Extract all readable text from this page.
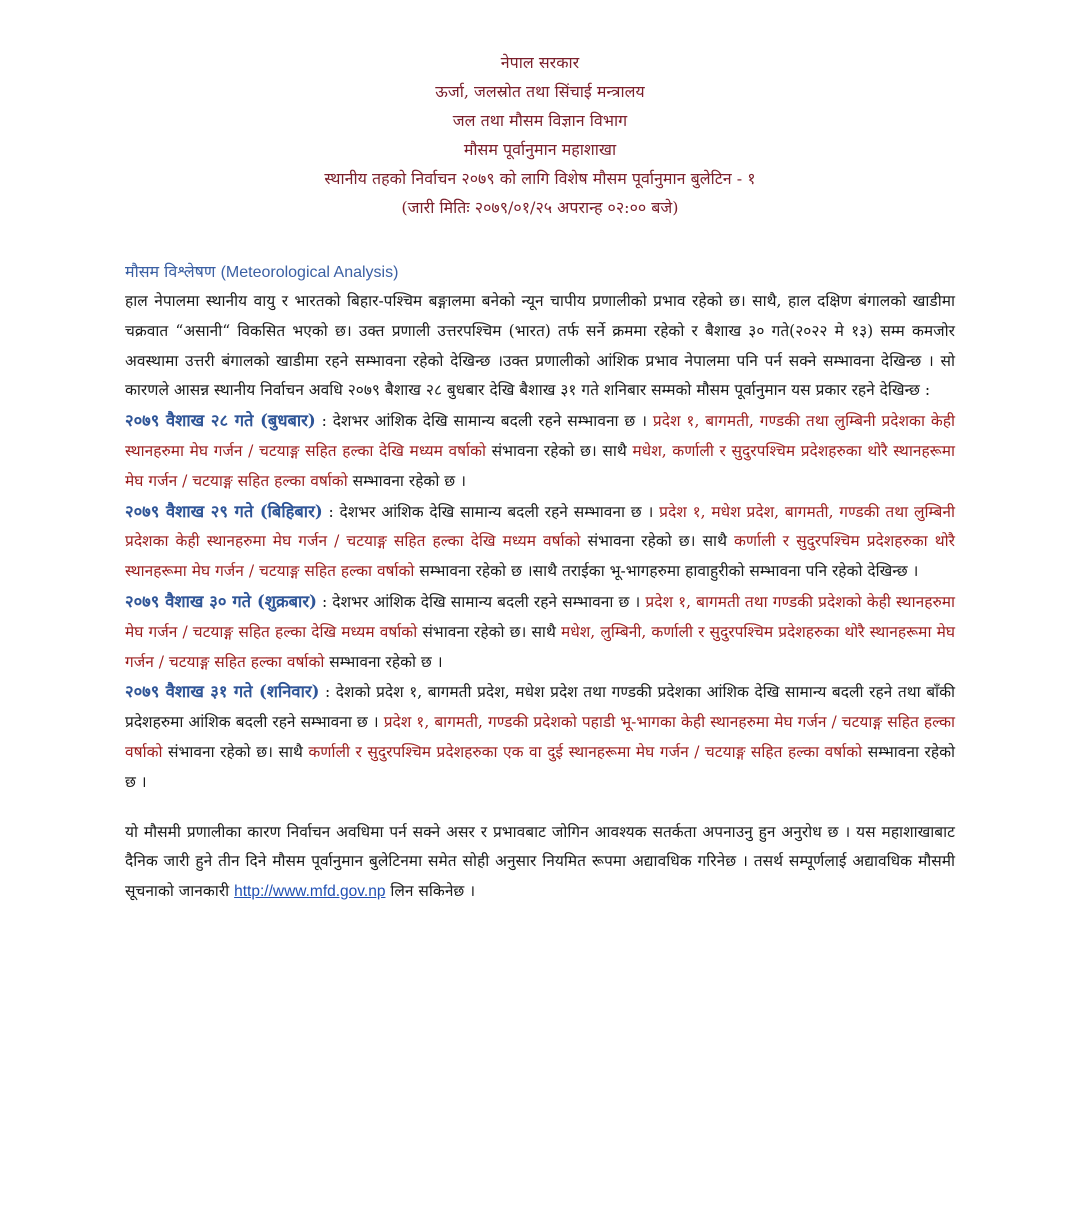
नेपाल सरकार
ऊर्जा, जलस्रोत तथा सिंचाई मन्त्रालय
जल तथा मौसम विज्ञान विभाग
मौसम पूर्वानुमान महाशाखा
स्थानीय तहको निर्वाचन २०७९ को लागि विशेष मौसम पूर्वानुमान बुलेटिन - १
(जारी मितिः २०७९/०१/२५ अपरान्ह ०२:०० बजे)
मौसम विश्लेषण (Meteorological Analysis)

हाल नेपालमा स्थानीय वायु र भारतको बिहार-पश्चिम बङ्गालमा बनेको न्यून चापीय प्रणालीको प्रभाव रहेको छ। साथै, हाल दक्षिण बंगालको खाडीमा चक्रवात “असानी“ विकसित भएको छ। उक्त प्रणाली उत्तरपश्चिम (भारत) तर्फ सर्ने क्रममा रहेको र बैशाख ३० गते(२०२२ मे १३) सम्म कमजोर अवस्थामा उत्तरी बंगालको खाडीमा रहने सम्भावना रहेको देखिन्छ ।उक्त प्रणालीको आंशिक प्रभाव नेपालमा पनि पर्न सक्ने सम्भावना देखिन्छ । सो कारणले आसन्न स्थानीय निर्वाचन अवधि २०७९ बैशाख २८ बुधबार देखि बैशाख ३१ गते शनिबार सम्मको मौसम पूर्वानुमान यस प्रकार रहने देखिन्छ :

२०७९ वैशाख २८ गते (बुधबार) : देशभर आंशिक देखि सामान्य बदली रहने सम्भावना छ । प्रदेश १, बागमती, गण्डकी तथा लुम्बिनी प्रदेशका केही स्थानहरुमा मेघ गर्जन / चटयाङ्ग सहित हल्का देखि मध्यम वर्षाको संभावना रहेको छ। साथै मधेश, कर्णाली र सुदुरपश्चिम प्रदेशहरुका थोरै स्थानहरूमा मेघ गर्जन / चटयाङ्ग सहित हल्का वर्षाको सम्भावना रहेको छ ।

२०७९ वैशाख २९ गते (बिहिबार) : देशभर आंशिक देखि सामान्य बदली रहने सम्भावना छ । प्रदेश १, मधेश प्रदेश, बागमती, गण्डकी तथा लुम्बिनी प्रदेशका केही स्थानहरुमा मेघ गर्जन / चटयाङ्ग सहित हल्का देखि मध्यम वर्षाको संभावना रहेको छ। साथै कर्णाली र सुदुरपश्चिम प्रदेशहरुका थोरै स्थानहरूमा मेघ गर्जन / चटयाङ्ग सहित हल्का वर्षाको सम्भावना रहेको छ ।साथै तराईका भू-भागहरुमा हावाहुरीको सम्भावना पनि रहेको देखिन्छ ।

२०७९ वैशाख ३० गते (शुक्रबार) : देशभर आंशिक देखि सामान्य बदली रहने सम्भावना छ । प्रदेश १, बागमती तथा गण्डकी प्रदेशको केही स्थानहरुमा मेघ गर्जन / चटयाङ्ग सहित हल्का देखि मध्यम वर्षाको संभावना रहेको छ। साथै मधेश, लुम्बिनी, कर्णाली र सुदुरपश्चिम प्रदेशहरुका थोरै स्थानहरूमा मेघ गर्जन / चटयाङ्ग सहित हल्का वर्षाको सम्भावना रहेको छ ।

२०७९ वैशाख ३१ गते (शनिवार) : देशको प्रदेश १, बागमती प्रदेश, मधेश प्रदेश तथा गण्डकी प्रदेशका आंशिक देखि सामान्य बदली रहने तथा बाँकी प्रदेशहरुमा आंशिक बदली रहने सम्भावना छ । प्रदेश १, बागमती, गण्डकी प्रदेशको पहाडी भू-भागका केही स्थानहरुमा मेघ गर्जन / चटयाङ्ग सहित हल्का वर्षाको संभावना रहेको छ। साथै कर्णाली र सुदुरपश्चिम प्रदेशहरुका एक वा दुई स्थानहरूमा मेघ गर्जन / चटयाङ्ग सहित हल्का वर्षाको सम्भावना रहेको छ ।

यो मौसमी प्रणालीका कारण निर्वाचन अवधिमा पर्न सक्ने असर र प्रभावबाट जोगिन आवश्यक सतर्कता अपनाउनु हुन अनुरोध छ । यस महाशाखाबाट दैनिक जारी हुने तीन दिने मौसम पूर्वानुमान बुलेटिनमा समेत सोही अनुसार नियमित रूपमा अद्यावधिक गरिनेछ । तसर्थ सम्पूर्णलाई अद्यावधिक मौसमी सूचनाको जानकारी http://www.mfd.gov.np लिन सकिनेछ ।
